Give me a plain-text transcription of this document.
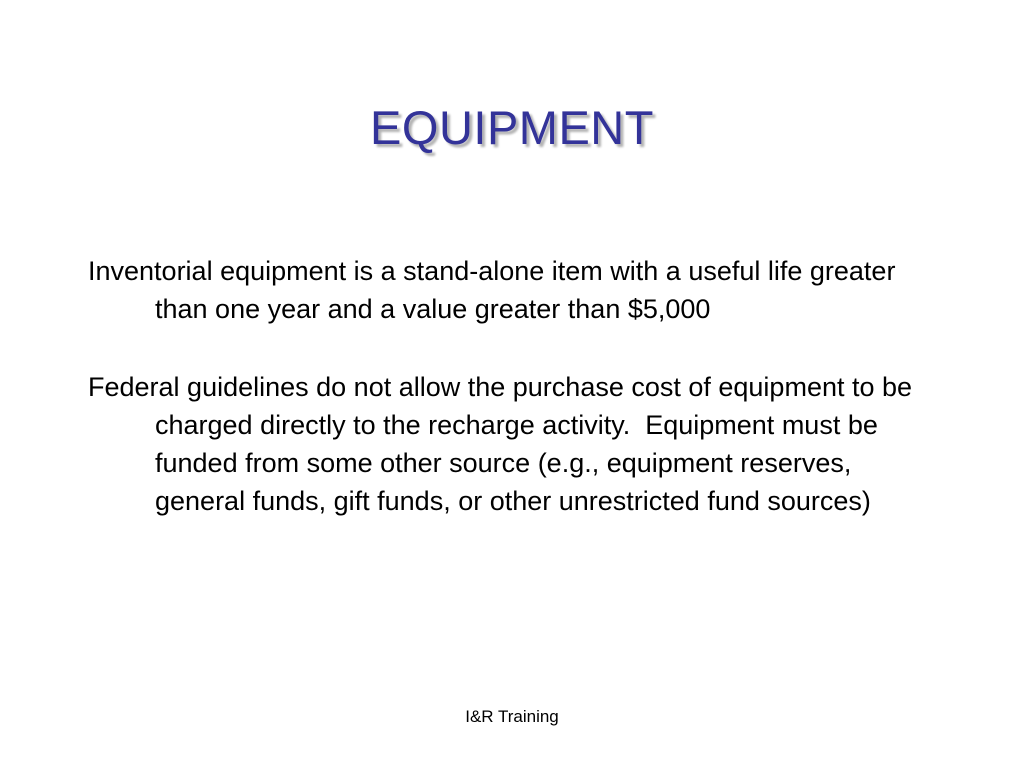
EQUIPMENT

Inventorial equipment is a stand-alone item with a useful life greater than one year and a value greater than $5,000

Federal guidelines do not allow the purchase cost of equipment to be charged directly to the recharge activity.  Equipment must be funded from some other source (e.g., equipment reserves, general funds, gift funds, or other unrestricted fund sources)

I&R Training
